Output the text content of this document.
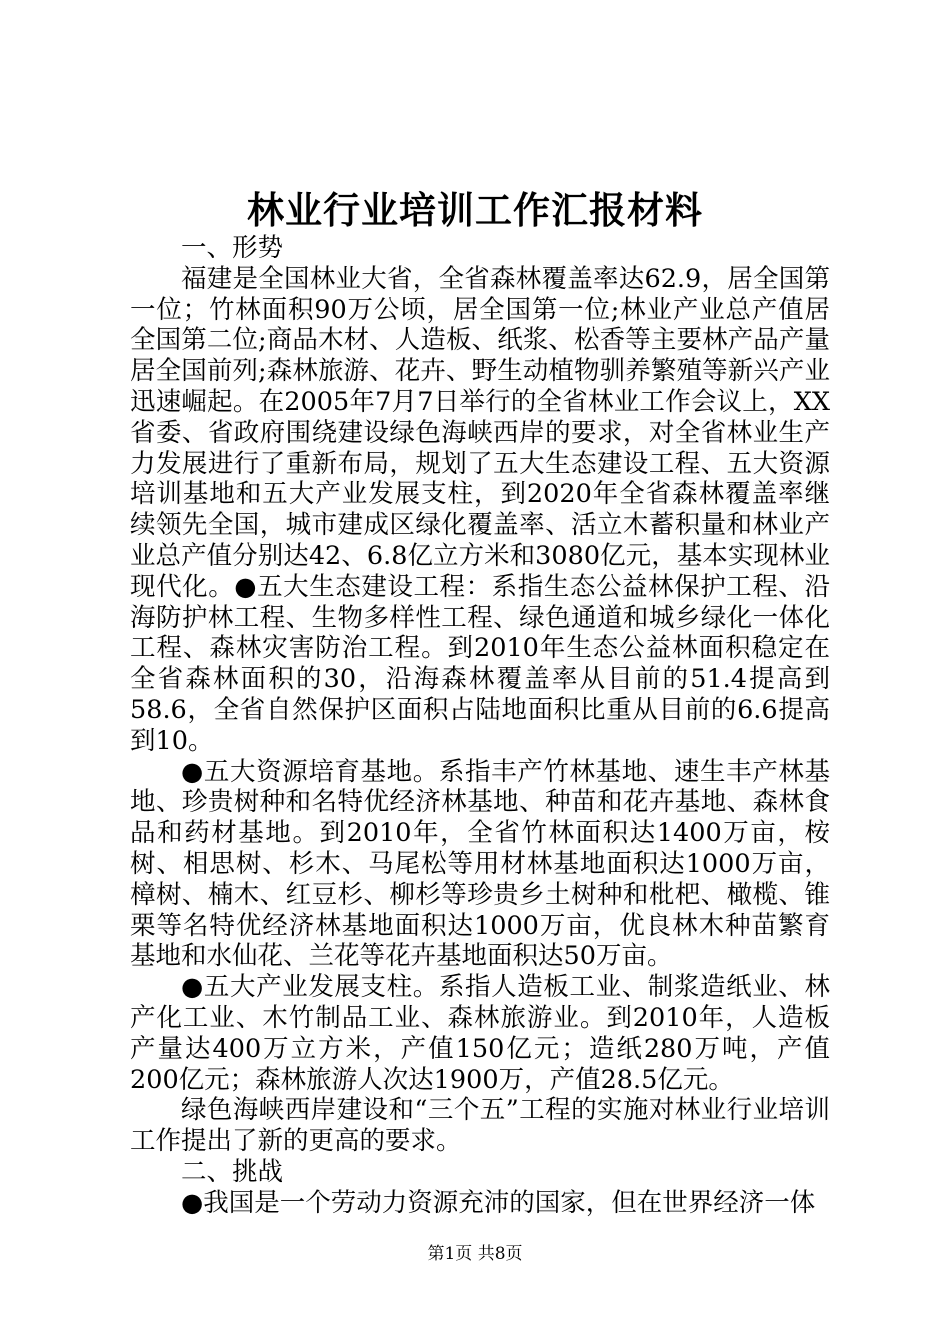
林业行业培训工作汇报材料

一、形势

福建是全国林业大省，全省森林覆盖率达62.9，居全国第一位；竹林面积90万公顷，居全国第一位;林业产业总产值居全国第二位;商品木材、人造板、纸浆、松香等主要林产品产量居全国前列;森林旅游、花卉、野生动植物驯养繁殖等新兴产业迅速崛起。在2005年7月7日举行的全省林业工作会议上，XX省委、省政府围绕建设绿色海峡西岸的要求，对全省林业生产力发展进行了重新布局，规划了五大生态建设工程、五大资源培训基地和五大产业发展支柱，到2020年全省森林覆盖率继续领先全国，城市建成区绿化覆盖率、活立木蓄积量和林业产业总产值分别达42、6.8亿立方米和3080亿元，基本实现林业现代化。●五大生态建设工程：系指生态公益林保护工程、沿海防护林工程、生物多样性工程、绿色通道和城乡绿化一体化工程、森林灾害防治工程。到2010年生态公益林面积稳定在全省森林面积的30，沿海森林覆盖率从目前的51.4提高到58.6，全省自然保护区面积占陆地面积比重从目前的6.6提高到10。

●五大资源培育基地。系指丰产竹林基地、速生丰产林基地、珍贵树种和名特优经济林基地、种苗和花卉基地、森林食品和药材基地。到2010年，全省竹林面积达1400万亩，桉树、相思树、杉木、马尾松等用材林基地面积达1000万亩，樟树、楠木、红豆杉、柳杉等珍贵乡土树种和枇杷、橄榄、锥栗等名特优经济林基地面积达1000万亩，优良林木种苗繁育基地和水仙花、兰花等花卉基地面积达50万亩。

●五大产业发展支柱。系指人造板工业、制浆造纸业、林产化工业、木竹制品工业、森林旅游业。到2010年，人造板产量达400万立方米，产值150亿元；造纸280万吨，产值200亿元；森林旅游人次达1900万，产值28.5亿元。

绿色海峡西岸建设和“三个五”工程的实施对林业行业培训工作提出了新的更高的要求。

二、挑战

●我国是一个劳动力资源充沛的国家，但在世界经济一体

第1页 共8页
